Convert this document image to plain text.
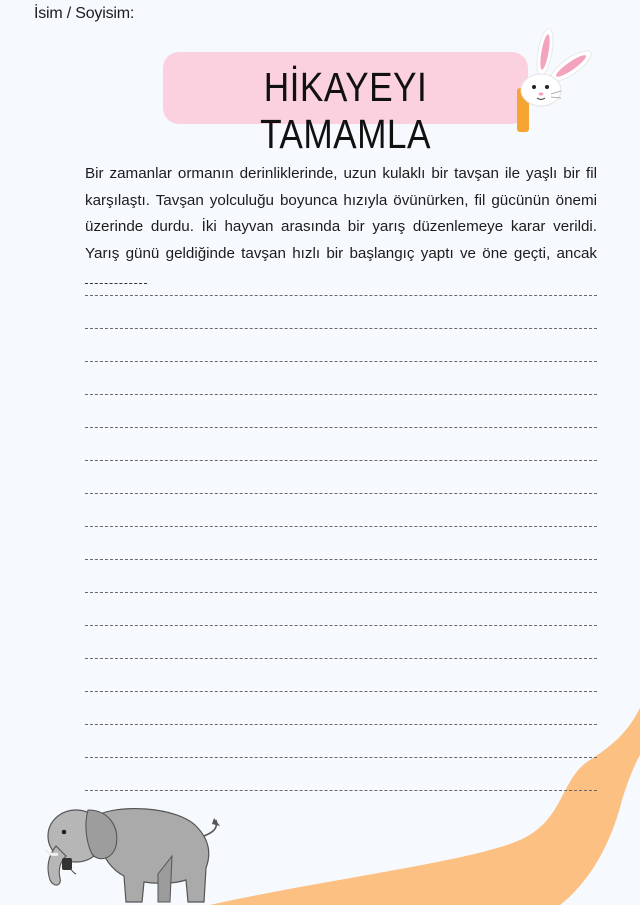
İsim / Soyisim:
HİKAYEYI TAMAMLA
Bir zamanlar ormanın derinliklerinde, uzun kulaklı bir tavşan ile yaşlı bir fil karşılaştı. Tavşan yolculuğu boyunca hızıyla övünürken, fil gücünün önemi üzerinde durdu. İki hayvan arasında bir yarış düzenlemeye karar verildi. Yarış günü geldiğinde tavşan hızlı bir başlangıç yaptı ve öne geçti, ancak
